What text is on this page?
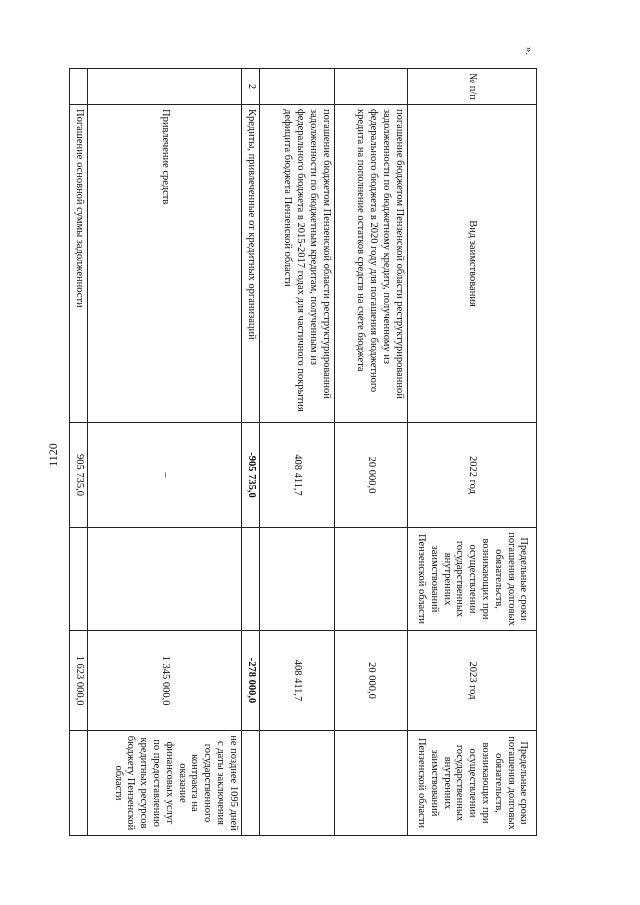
1120
».
№ п/п	Вид заимствования	2022 год	Предельные сроки погашения долговых обязательств, возникающих при осуществлении государственных внутренних заимствований Пензенской области	2023 год	Предельные сроки погашения долговых обязательств, возникающих при осуществлении государственных внутренних заимствований Пензенской области
	погашение бюджетом Пензенской области реструктурированной задолженности по бюджетному кредиту, полученному из федерального бюджета в 2020 году для погашения бюджетного кредита на пополнение остатков средств на счете бюджета	20 000,0		20 000,0	
	погашение бюджетом Пензенской области реструктурированной задолженности по бюджетным кредитам, полученным из федерального бюджета в 2015-2017 годах для частичного покрытия дефицита бюджета Пензенской области	408 411,7		408 411,7	
2	Кредиты, привлеченные от кредитных организаций	-905 735,0		-278 000,0	
	Привлечение средств	–		1 345 000,0	не позднее 1095 дней с даты заключения государственного контракта на оказание финансовых услуг по предоставлению кредитных ресурсов бюджету Пензенской области
	Погашение основной суммы задолженности	905 735,0		1 623 000,0	
